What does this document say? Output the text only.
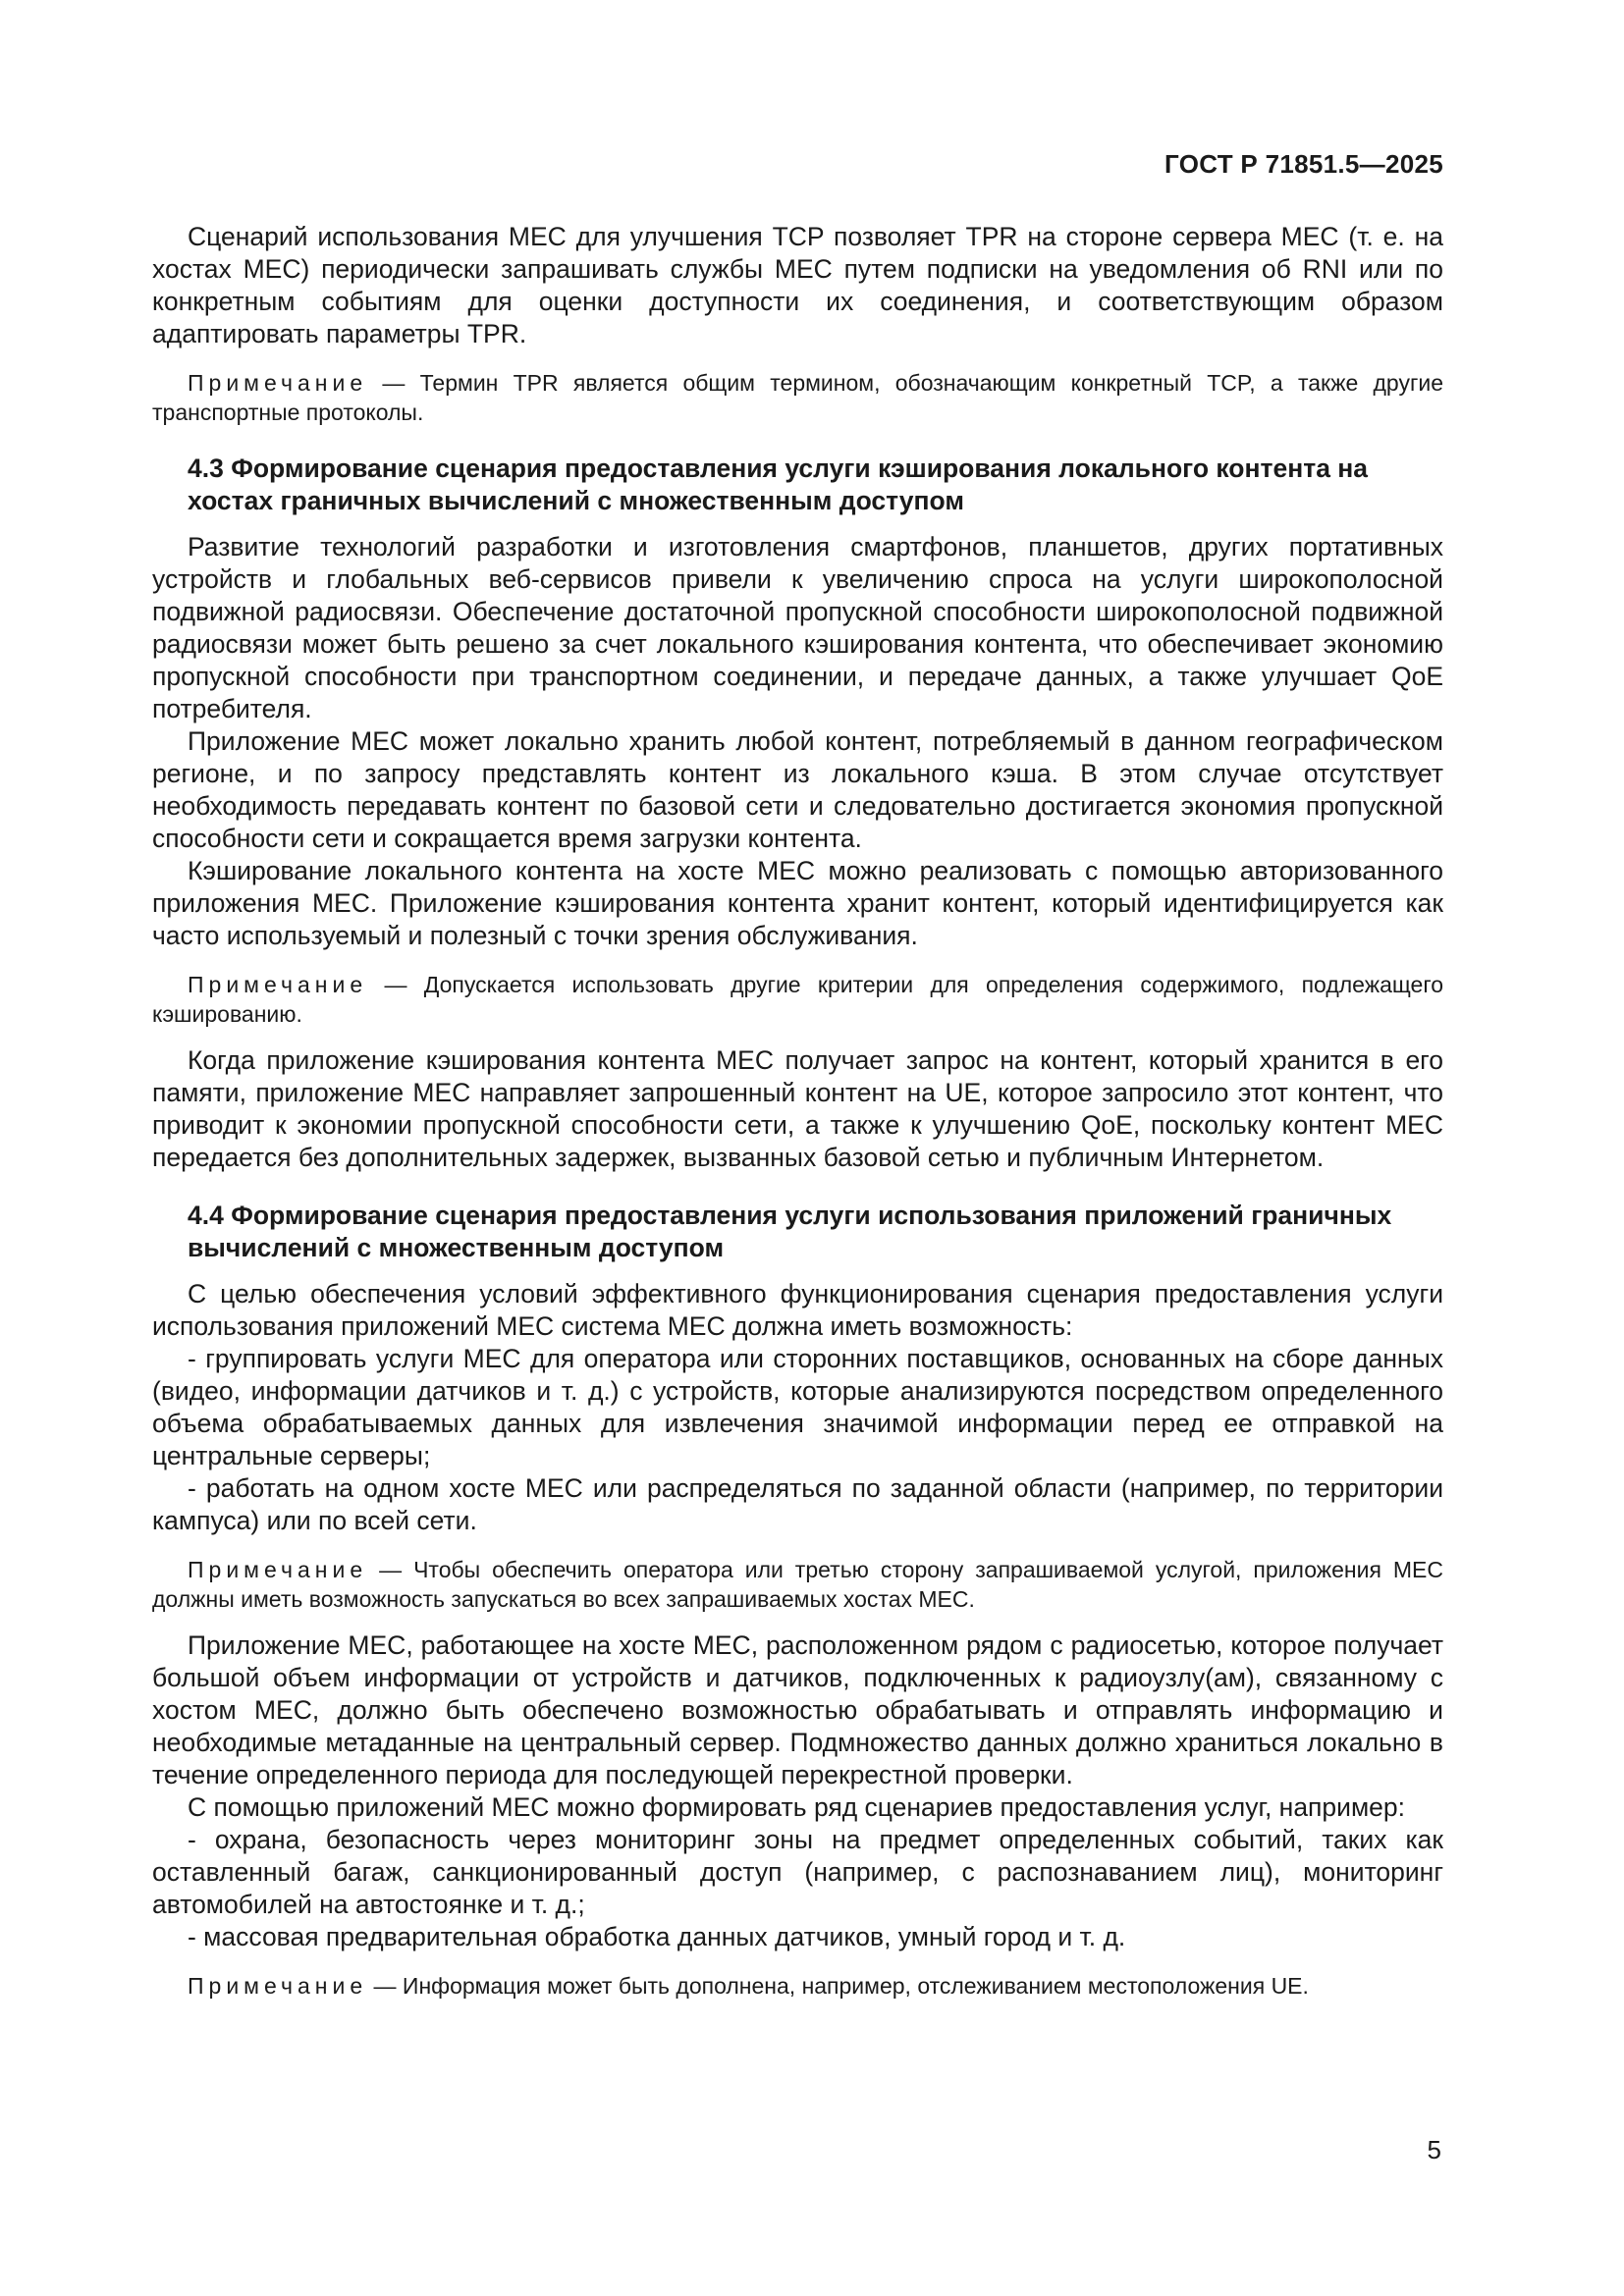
ГОСТ Р 71851.5—2025

Сценарий использования MEC для улучшения TCP позволяет TPR на стороне сервера MEC (т. е. на хостах MEC) периодически запрашивать службы MEC путем подписки на уведомления об RNI или по конкретным событиям для оценки доступности их соединения, и соответствующим образом адаптировать параметры TPR.

Примечание — Термин TPR является общим термином, обозначающим конкретный TCP, а также другие транспортные протоколы.

4.3 Формирование сценария предоставления услуги кэширования локального контента на хостах граничных вычислений с множественным доступом

Развитие технологий разработки и изготовления смартфонов, планшетов, других портативных устройств и глобальных веб-сервисов привели к увеличению спроса на услуги широкополосной подвижной радиосвязи. Обеспечение достаточной пропускной способности широкополосной подвижной радиосвязи может быть решено за счет локального кэширования контента, что обеспечивает экономию пропускной способности при транспортном соединении, и передаче данных, а также улучшает QoE потребителя.

Приложение MEC может локально хранить любой контент, потребляемый в данном географическом регионе, и по запросу представлять контент из локального кэша. В этом случае отсутствует необходимость передавать контент по базовой сети и следовательно достигается экономия пропускной способности сети и сокращается время загрузки контента.

Кэширование локального контента на хосте MEC можно реализовать с помощью авторизованного приложения MEC. Приложение кэширования контента хранит контент, который идентифицируется как часто используемый и полезный с точки зрения обслуживания.

Примечание — Допускается использовать другие критерии для определения содержимого, подлежащего кэшированию.

Когда приложение кэширования контента MEC получает запрос на контент, который хранится в его памяти, приложение MEC направляет запрошенный контент на UE, которое запросило этот контент, что приводит к экономии пропускной способности сети, а также к улучшению QoE, поскольку контент MEC передается без дополнительных задержек, вызванных базовой сетью и публичным Интернетом.

4.4 Формирование сценария предоставления услуги использования приложений граничных вычислений с множественным доступом

С целью обеспечения условий эффективного функционирования сценария предоставления услуги использования приложений MEC система MEC должна иметь возможность:

- группировать услуги MEC для оператора или сторонних поставщиков, основанных на сборе данных (видео, информации датчиков и т. д.) с устройств, которые анализируются посредством определенного объема обрабатываемых данных для извлечения значимой информации перед ее отправкой на центральные серверы;

- работать на одном хосте MEC или распределяться по заданной области (например, по территории кампуса) или по всей сети.

Примечание — Чтобы обеспечить оператора или третью сторону запрашиваемой услугой, приложения MEC должны иметь возможность запускаться во всех запрашиваемых хостах MEC.

Приложение MEC, работающее на хосте MEC, расположенном рядом с радиосетью, которое получает большой объем информации от устройств и датчиков, подключенных к радиоузлу(ам), связанному с хостом MEC, должно быть обеспечено возможностью обрабатывать и отправлять информацию и необходимые метаданные на центральный сервер. Подмножество данных должно храниться локально в течение определенного периода для последующей перекрестной проверки.

С помощью приложений MEC можно формировать ряд сценариев предоставления услуг, например:

- охрана, безопасность через мониторинг зоны на предмет определенных событий, таких как оставленный багаж, санкционированный доступ (например, с распознаванием лиц), мониторинг автомобилей на автостоянке и т. д.;

- массовая предварительная обработка данных датчиков, умный город и т. д.

Примечание — Информация может быть дополнена, например, отслеживанием местоположения UE.

5
